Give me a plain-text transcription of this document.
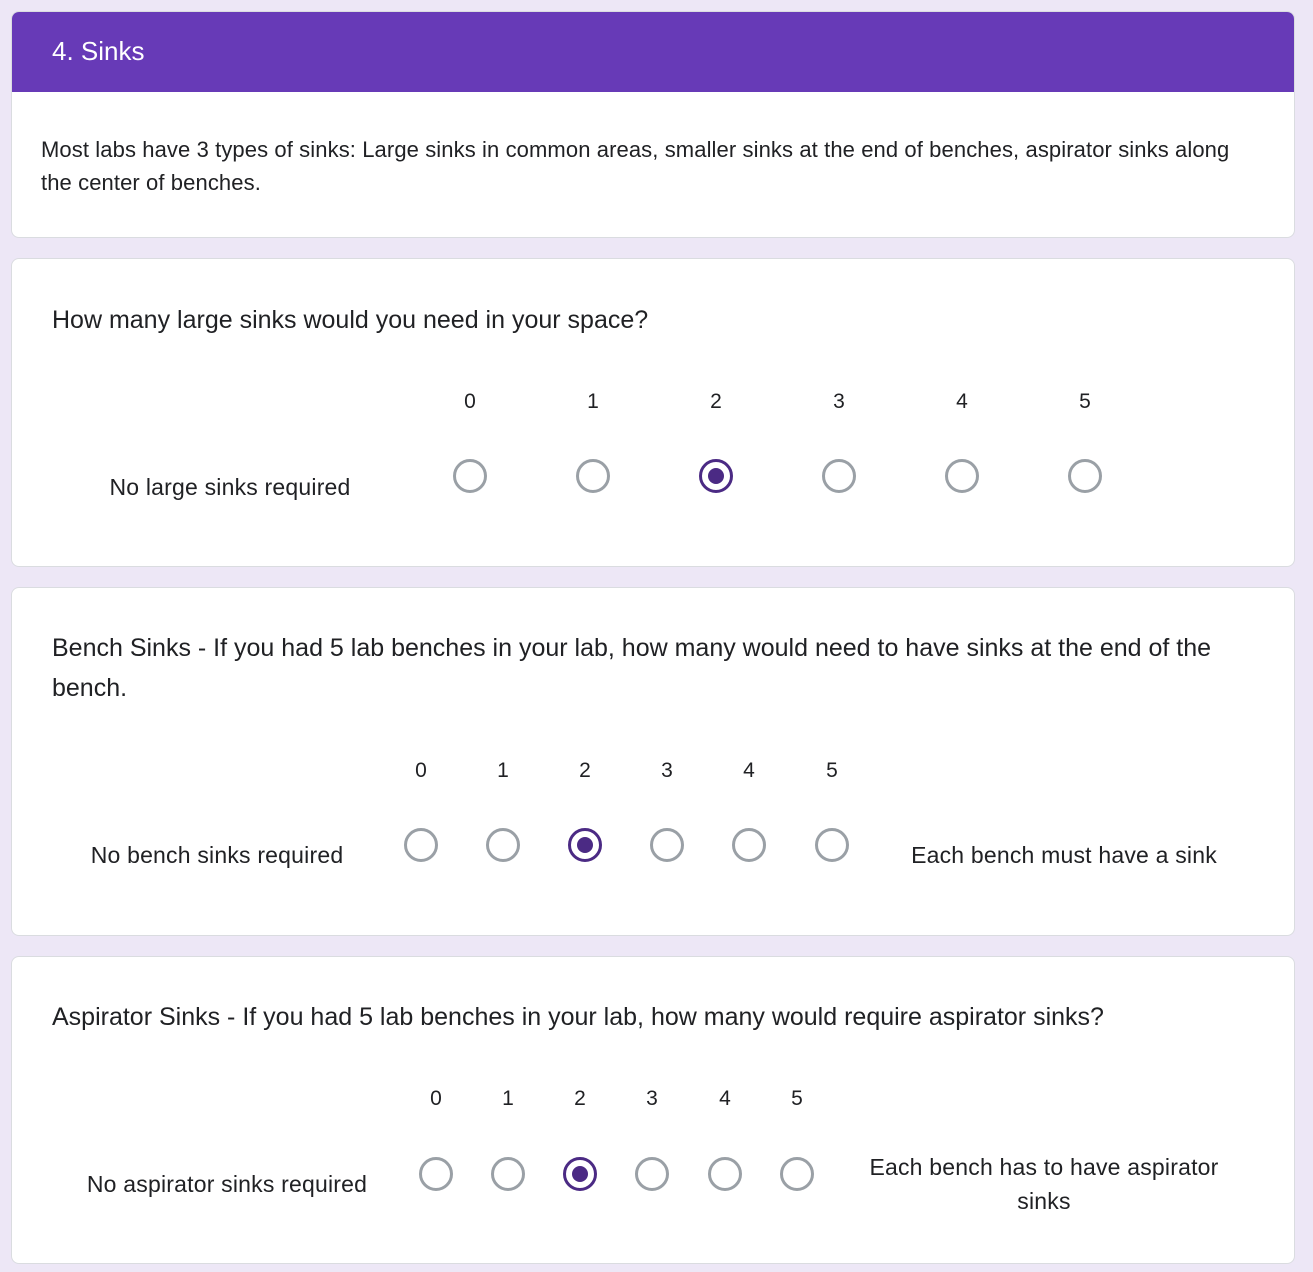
4. Sinks
Most labs have 3 types of sinks: Large sinks in common areas, smaller sinks at the end of benches, aspirator sinks along the center of benches.
How many large sinks would you need in your space?
0	1	2	3	4	5
No large sinks required
Bench Sinks - If you had 5 lab benches in your lab, how many would need to have sinks at the end of the bench.
0	1	2	3	4	5
No bench sinks required	Each bench must have a sink
Aspirator Sinks - If you had 5 lab benches in your lab, how many would require aspirator sinks?
0	1	2	3	4	5
No aspirator sinks required
Each bench has to have aspirator sinks
